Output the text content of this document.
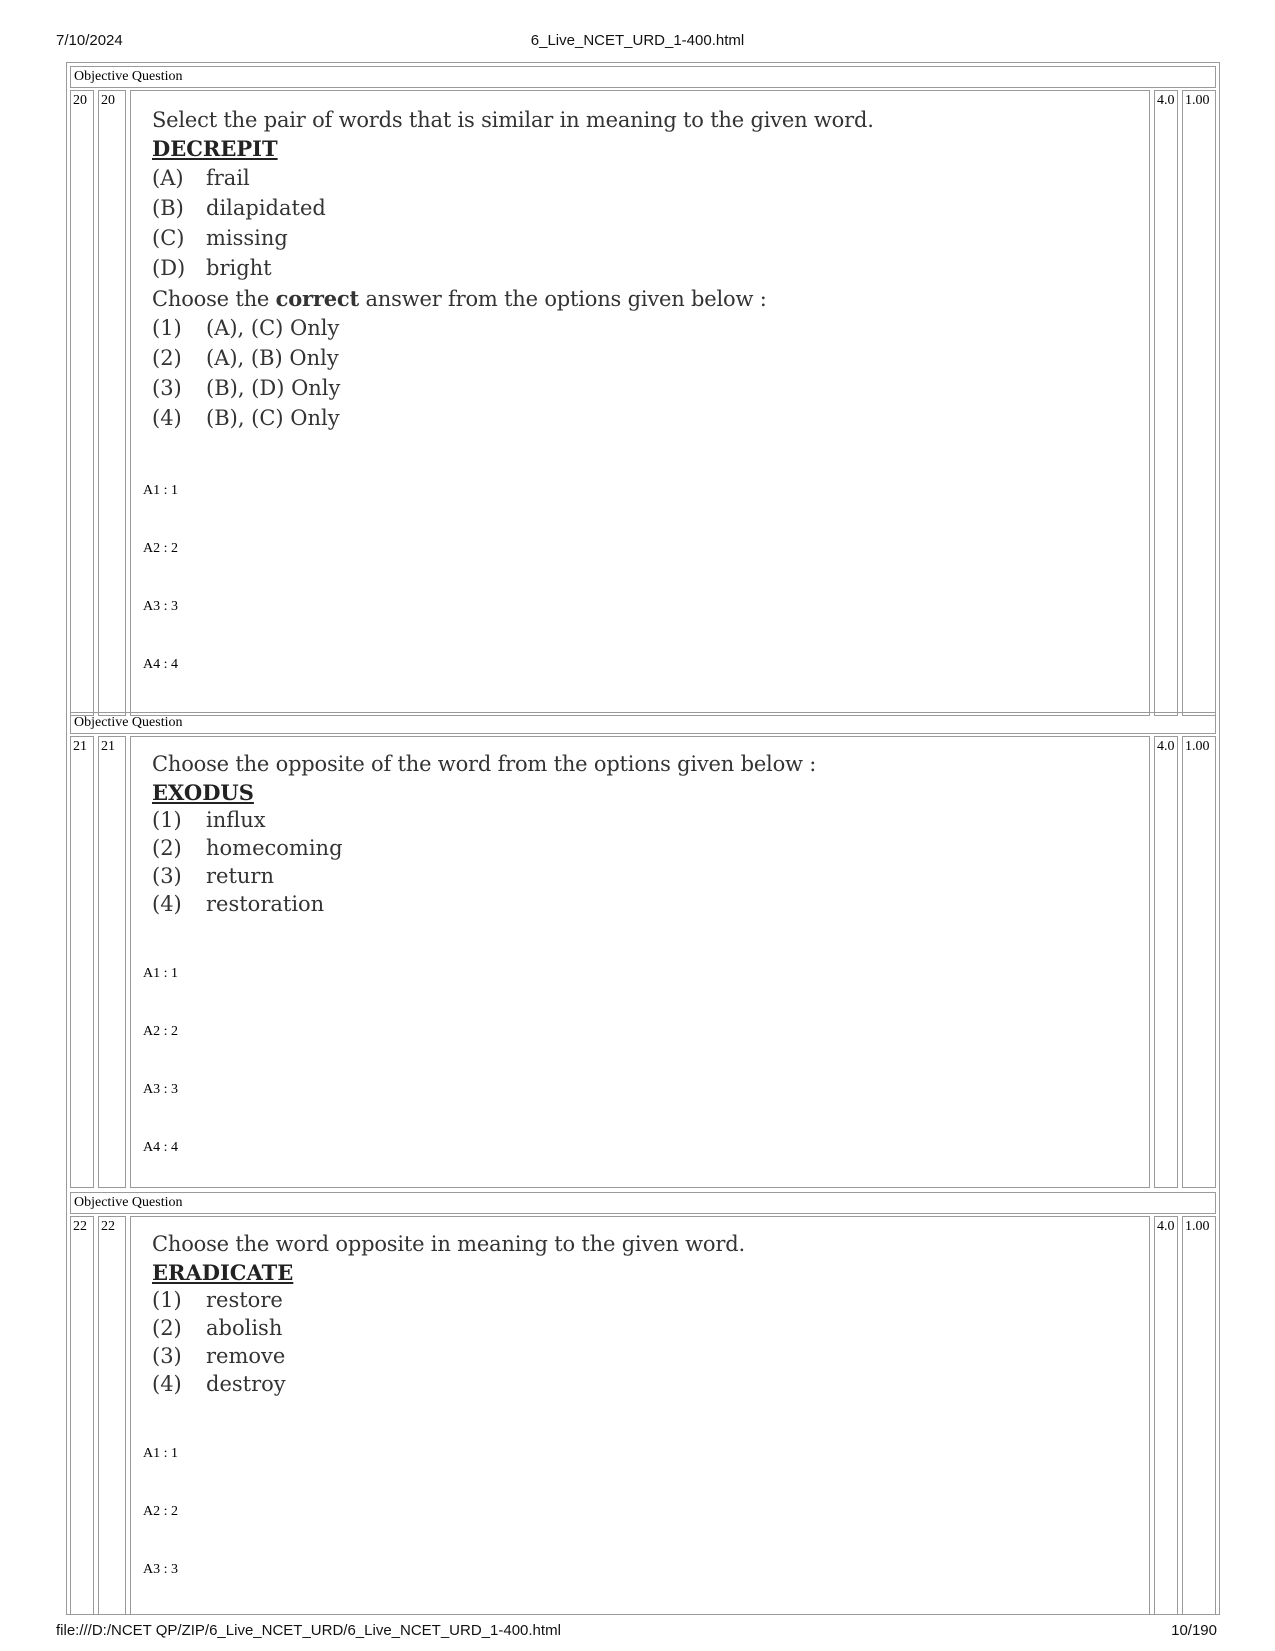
7/10/2024	6_Live_NCET_URD_1-400.html
file:///D:/NCET QP/ZIP/6_Live_NCET_URD/6_Live_NCET_URD_1-400.html	10/190
Objective Question
20 20	4.0 1.00
Select the pair of words that is similar in meaning to the given word.
DECREPIT
(A) frail
(B) dilapidated
(C) missing
(D) bright
Choose the correct answer from the options given below :
(1) (A), (C) Only
(2) (A), (B) Only
(3) (B), (D) Only
(4) (B), (C) Only
A1 : 1
A2 : 2
A3 : 3
A4 : 4
Objective Question
21 21	4.0 1.00
Choose the opposite of the word from the options given below :
EXODUS
(1) influx
(2) homecoming
(3) return
(4) restoration
A1 : 1
A2 : 2
A3 : 3
A4 : 4
Objective Question
22 22	4.0 1.00
Choose the word opposite in meaning to the given word.
ERADICATE
(1) restore
(2) abolish
(3) remove
(4) destroy
A1 : 1
A2 : 2
A3 : 3
